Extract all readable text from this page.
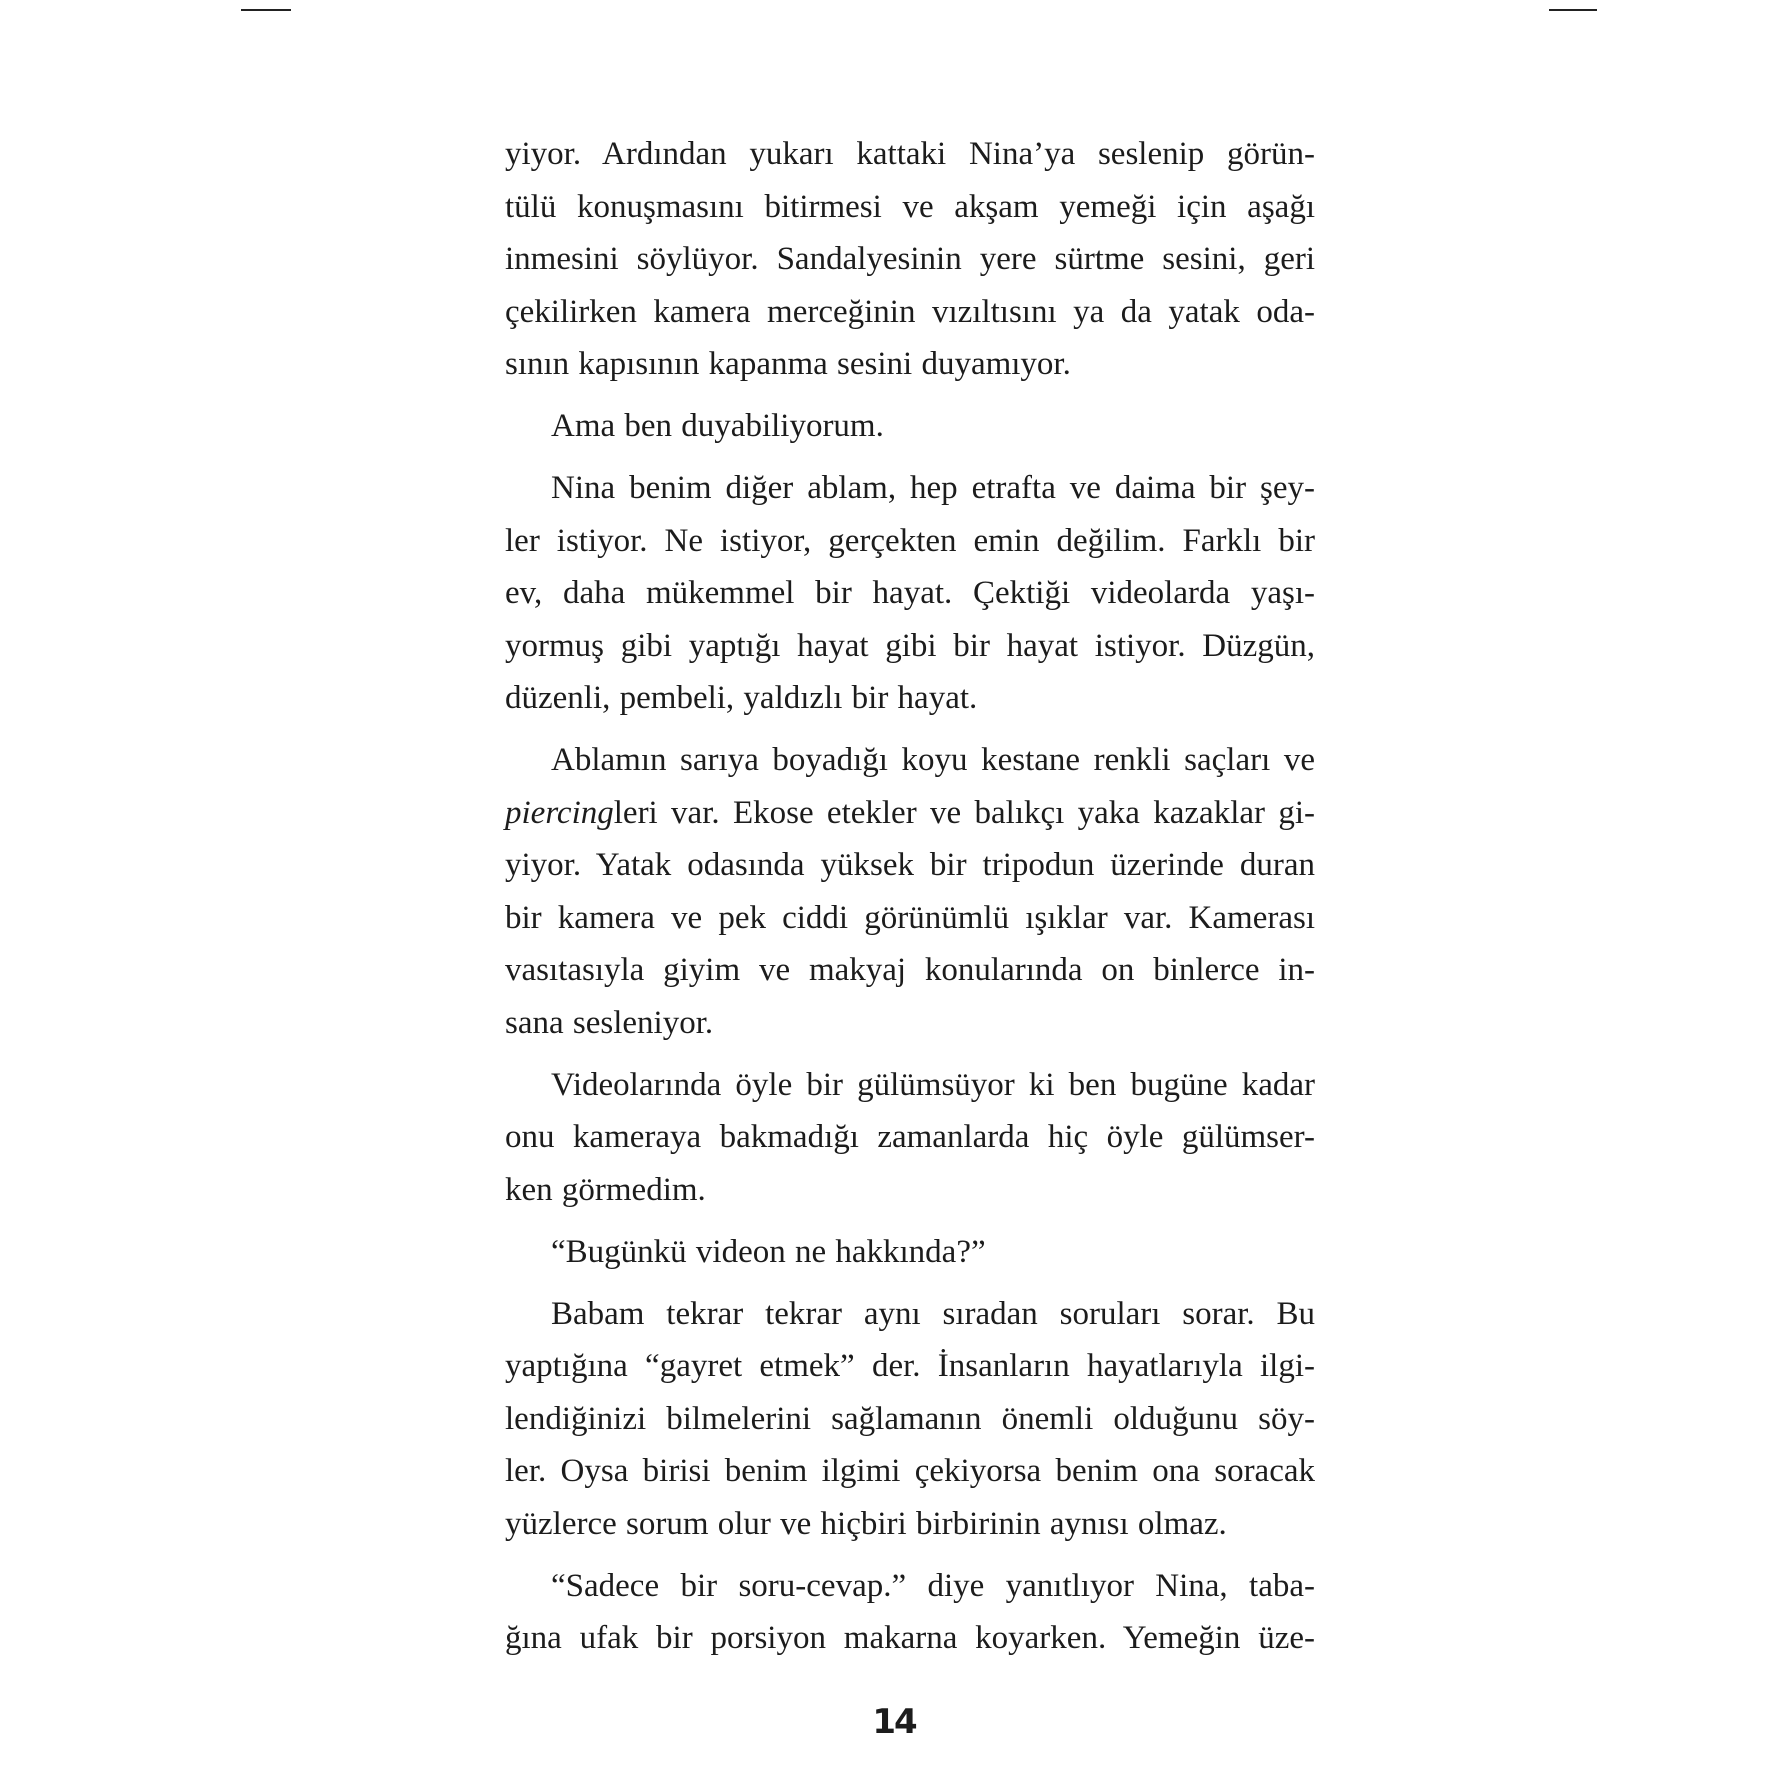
yiyor. Ardından yukarı kattaki Nina’ya seslenip görün-
tülü konuşmasını bitirmesi ve akşam yemeği için aşağı
inmesini söylüyor. Sandalyesinin yere sürtme sesini, geri
çekilirken kamera merceğinin vızıltısını ya da yatak oda-
sının kapısının kapanma sesini duyamıyor.

Ama ben duyabiliyorum.

Nina benim diğer ablam, hep etrafta ve daima bir şey-
ler istiyor. Ne istiyor, gerçekten emin değilim. Farklı bir
ev, daha mükemmel bir hayat. Çektiği videolarda yaşı-
yormuş gibi yaptığı hayat gibi bir hayat istiyor. Düzgün,
düzenli, pembeli, yaldızlı bir hayat.

Ablamın sarıya boyadığı koyu kestane renkli saçları ve
piercingleri var. Ekose etekler ve balıkçı yaka kazaklar gi-
yiyor. Yatak odasında yüksek bir tripodun üzerinde duran
bir kamera ve pek ciddi görünümlü ışıklar var. Kamerası
vasıtasıyla giyim ve makyaj konularında on binlerce in-
sana sesleniyor.

Videolarında öyle bir gülümsüyor ki ben bugüne kadar
onu kameraya bakmadığı zamanlarda hiç öyle gülümser-
ken görmedim.

“Bugünkü videon ne hakkında?”

Babam tekrar tekrar aynı sıradan soruları sorar. Bu
yaptığına “gayret etmek” der. İnsanların hayatlarıyla ilgi-
lendiğinizi bilmelerini sağlamanın önemli olduğunu söy-
ler. Oysa birisi benim ilgimi çekiyorsa benim ona soracak
yüzlerce sorum olur ve hiçbiri birbirinin aynısı olmaz.

“Sadece bir soru-cevap.” diye yanıtlıyor Nina, taba-
ğına ufak bir porsiyon makarna koyarken. Yemeğin üze-

14
